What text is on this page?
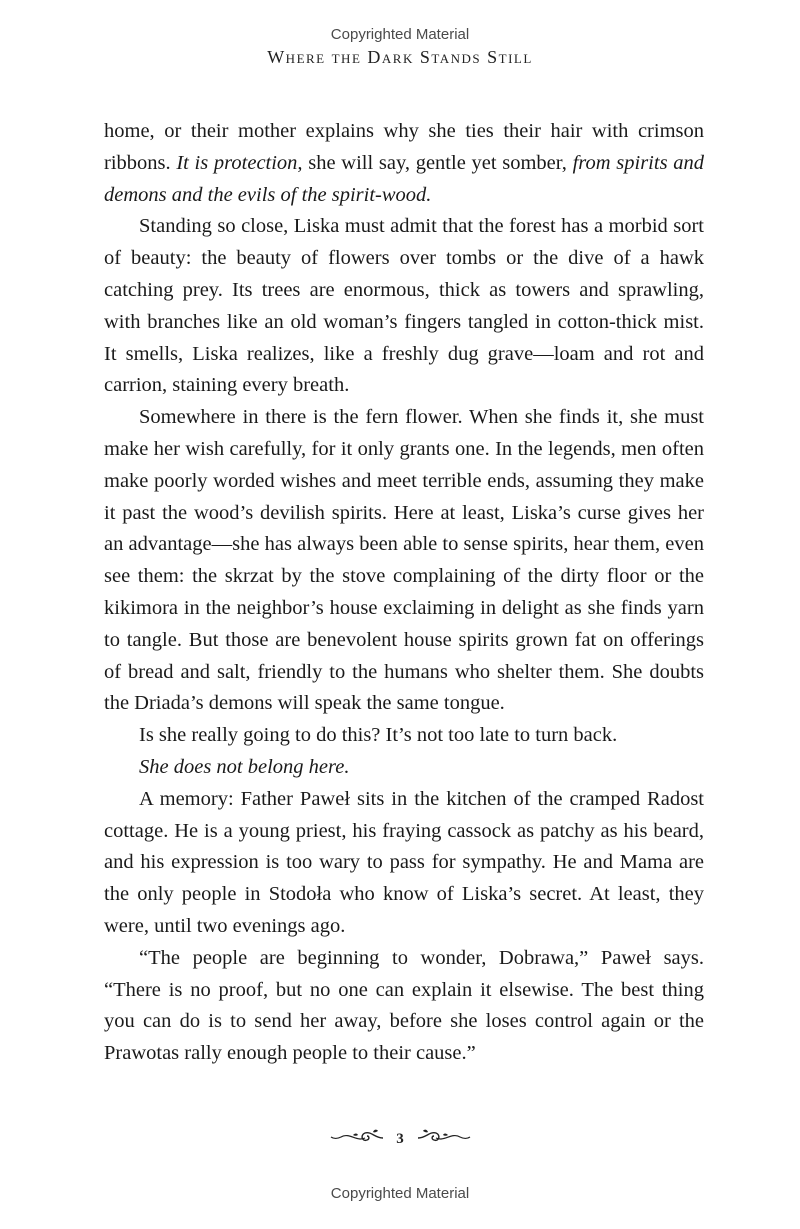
Copyrighted Material
Where the Dark Stands Still

home, or their mother explains why she ties their hair with crimson ribbons. It is protection, she will say, gentle yet somber, from spirits and demons and the evils of the spirit-wood.

Standing so close, Liska must admit that the forest has a morbid sort of beauty: the beauty of flowers over tombs or the dive of a hawk catching prey. Its trees are enormous, thick as towers and sprawling, with branches like an old woman’s fingers tangled in cotton-thick mist. It smells, Liska realizes, like a freshly dug grave—loam and rot and carrion, staining every breath.

Somewhere in there is the fern flower. When she finds it, she must make her wish carefully, for it only grants one. In the legends, men often make poorly worded wishes and meet terrible ends, assuming they make it past the wood’s devilish spirits. Here at least, Liska’s curse gives her an advantage—she has always been able to sense spirits, hear them, even see them: the skrzat by the stove complaining of the dirty floor or the kikimora in the neighbor’s house exclaiming in delight as she finds yarn to tangle. But those are benevolent house spirits grown fat on offerings of bread and salt, friendly to the humans who shelter them. She doubts the Driada’s demons will speak the same tongue.

Is she really going to do this? It’s not too late to turn back.

She does not belong here.

A memory: Father Paweł sits in the kitchen of the cramped Radost cottage. He is a young priest, his fraying cassock as patchy as his beard, and his expression is too wary to pass for sympathy. He and Mama are the only people in Stodoła who know of Liska’s secret. At least, they were, until two evenings ago.

“The people are beginning to wonder, Dobrawa,” Paweł says. “There is no proof, but no one can explain it elsewise. The best thing you can do is to send her away, before she loses control again or the Prawotas rally enough people to their cause.”

3
Copyrighted Material
